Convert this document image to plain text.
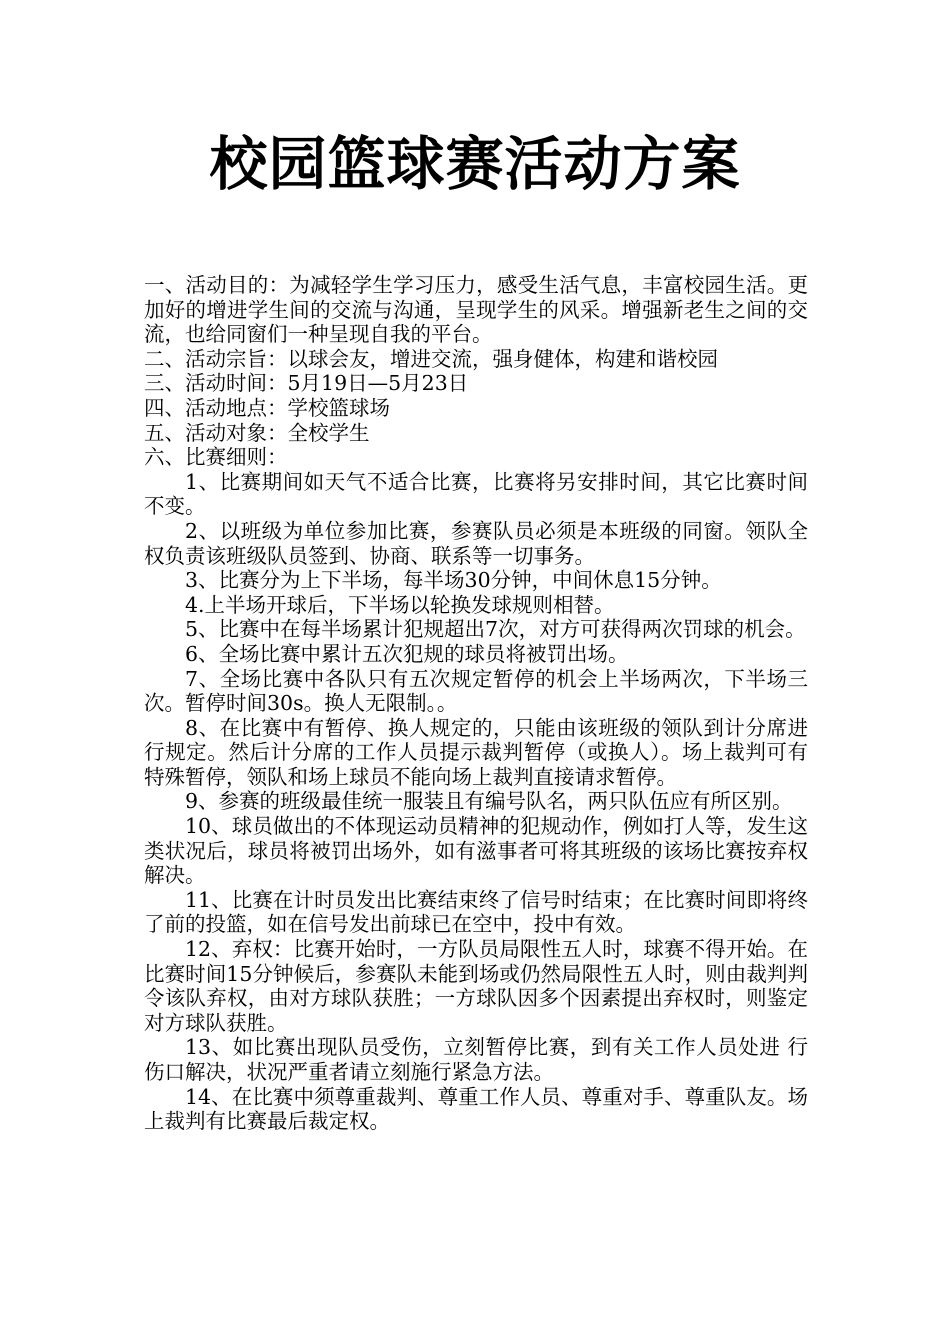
校园篮球赛活动方案

一、活动目的：为减轻学生学习压力，感受生活气息，丰富校园生活。更加好的增进学生间的交流与沟通，呈现学生的风采。增强新老生之间的交流，也给同窗们一种呈现自我的平台。

二、活动宗旨：以球会友，增进交流，强身健体，构建和谐校园

三、活动时间：5月19日—5月23日

四、活动地点：学校篮球场

五、活动对象：全校学生

六、比赛细则：

1、比赛期间如天气不适合比赛，比赛将另安排时间，其它比赛时间不变。

2、以班级为单位参加比赛，参赛队员必须是本班级的同窗。领队全权负责该班级队员签到、协商、联系等一切事务。

3、比赛分为上下半场，每半场30分钟，中间休息15分钟。

4.上半场开球后，下半场以轮换发球规则相替。

5、比赛中在每半场累计犯规超出7次，对方可获得两次罚球的机会。

6、全场比赛中累计五次犯规的球员将被罚出场。

7、全场比赛中各队只有五次规定暂停的机会上半场两次，下半场三次。暂停时间30s。换人无限制。。

8、在比赛中有暂停、换人规定的，只能由该班级的领队到计分席进行规定。然后计分席的工作人员提示裁判暂停（或换人）。场上裁判可有特殊暂停，领队和场上球员不能向场上裁判直接请求暂停。

9、参赛的班级最佳统一服装且有编号队名，两只队伍应有所区别。

10、球员做出的不体现运动员精神的犯规动作，例如打人等，发生这类状况后，球员将被罚出场外，如有滋事者可将其班级的该场比赛按弃权解决。

11、比赛在计时员发出比赛结束终了信号时结束；在比赛时间即将终了前的投篮，如在信号发出前球已在空中，投中有效。

12、弃权：比赛开始时，一方队员局限性五人时，球赛不得开始。在比赛时间15分钟候后，参赛队未能到场或仍然局限性五人时，则由裁判判令该队弃权，由对方球队获胜；一方球队因多个因素提出弃权时，则鉴定对方球队获胜。

13、如比赛出现队员受伤，立刻暂停比赛，到有关工作人员处进 行伤口解决，状况严重者请立刻施行紧急方法。

14、在比赛中须尊重裁判、尊重工作人员、尊重对手、尊重队友。场上裁判有比赛最后裁定权。
